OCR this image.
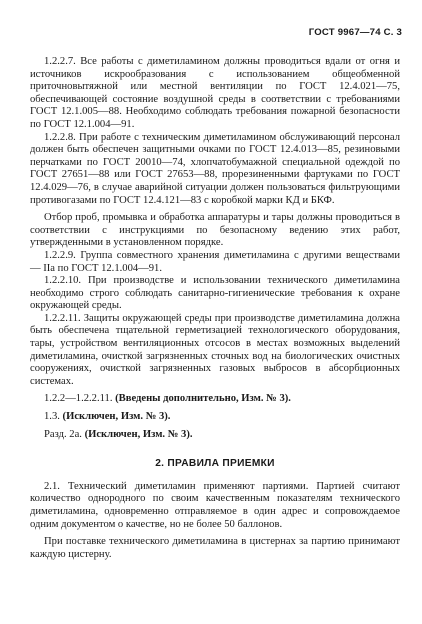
ГОСТ 9967—74 С. 3

1.2.2.7. Все работы с диметиламином должны проводиться вдали от огня и источников искрообразования с использованием общеобменной приточновытяжной или местной вентиляции по ГОСТ 12.4.021—75, обеспечивающей состояние воздушной среды в соответствии с требованиями ГОСТ 12.1.005—88. Необходимо соблюдать требования пожарной безопасности по ГОСТ 12.1.004—91.

1.2.2.8. При работе с техническим диметиламином обслуживающий персонал должен быть обеспечен защитными очками по ГОСТ 12.4.013—85, резиновыми перчатками по ГОСТ 20010—74, хлопчатобумажной специальной одеждой по ГОСТ 27651—88 или ГОСТ 27653—88, прорезиненными фартуками по ГОСТ 12.4.029—76, в случае аварийной ситуации должен пользоваться фильтрующими противогазами по ГОСТ 12.4.121—83 с коробкой марки КД и БКФ.

Отбор проб, промывка и обработка аппаратуры и тары должны проводиться в соответствии с инструкциями по безопасному ведению этих работ, утвержденными в установленном порядке.

1.2.2.9. Группа совместного хранения диметиламина с другими веществами — IIа по ГОСТ 12.1.004—91.

1.2.2.10. При производстве и использовании технического диметиламина необходимо строго соблюдать санитарно-гигиенические требования к охране окружающей среды.

1.2.2.11. Защиты окружающей среды при производстве диметиламина должна быть обеспечена тщательной герметизацией технологического оборудования, тары, устройством вентиляционных отсосов в местах возможных выделений диметиламина, очисткой загрязненных сточных вод на биологических очистных сооружениях, очисткой загрязненных газовых выбросов в абсорбционных системах.

1.2.2—1.2.2.11. (Введены дополнительно, Изм. № 3).

1.3. (Исключен, Изм. № 3).

Разд. 2а. (Исключен, Изм. № 3).

2. ПРАВИЛА ПРИЕМКИ

2.1. Технический диметиламин применяют партиями. Партией считают количество однородного по своим качественным показателям технического диметиламина, одновременно отправляемое в один адрес и сопровождаемое одним документом о качестве, но не более 50 баллонов.

При поставке технического диметиламина в цистернах за партию принимают каждую цистерну.
